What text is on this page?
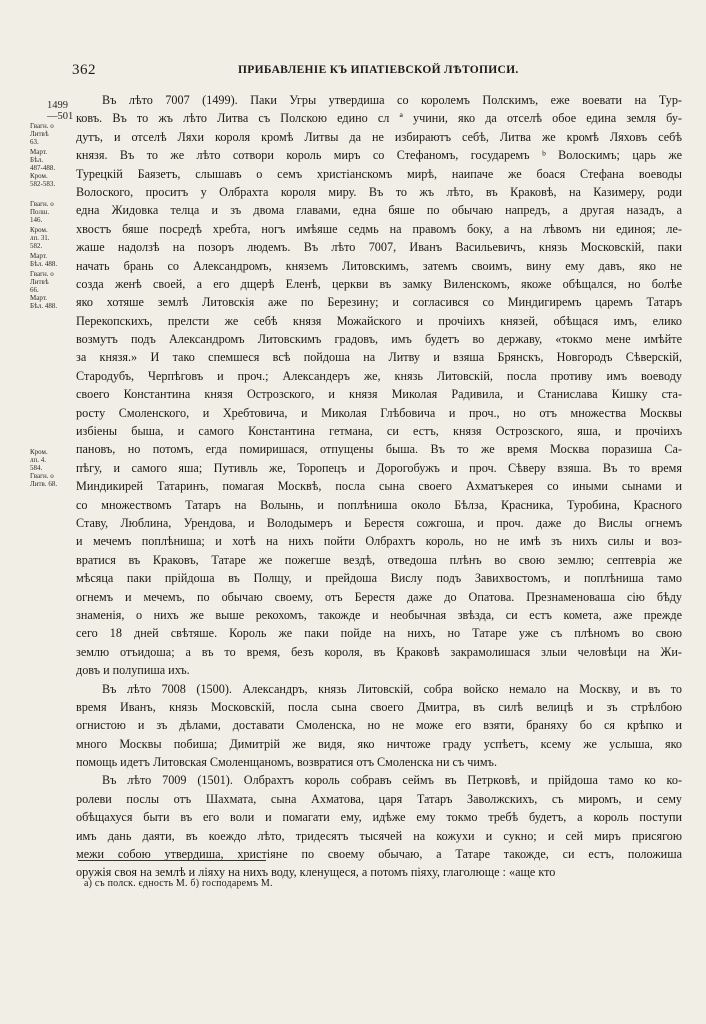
362	ПРИБАВЛЕНІЕ КЪ ИПАТІЕВСКОЙ ЛѢТОПИСИ.
1499
—501
Гвагн. о
Литвѣ
63.
Март.
Бѣл.
487-488.
Кром.
582-583.
Гвагн. о
Полш.
146.
Кром.
лп. 31.
582.
Март.
Бѣл. 488.
Гвагн. о
Литвѣ
66.
Март.
Бѣл. 488.
Кром.
лп. 4.
584.
Гвагн. о
Литв. 68.
Въ лѣто 7007 (1499). Паки Угры утвердиша со королемъ Полскимъ, еже воевати на Тур-
ковъ. Въ то жъ лѣто Литва съ Полскою едино сл ª учини, яко да отселѣ обое едина земля бу-
дутъ, и отселѣ Ляхи короля кромѣ Литвы да не избираютъ себѣ, Литва же кромѣ Ляховъ себѣ
князя. Въ то же лѣто сотвори король миръ со Стефаномъ, государемъ ᵇ Волоскимъ; царь же
Турецкій Баязетъ, слышавъ о семъ христіанскомъ мирѣ, наипаче же боася Стефана воеводы
Волоского, проситъ у Олбрахта короля миру. Въ то жъ лѣто, въ Краковѣ, на Казимеру, роди
една Жидовка телца и зъ двома главами, една бяше по обычаю напредъ, а другая назадъ, а
хвостъ бяше посредѣ хребта, ногъ имѣяше седмь на правомъ боку, а на лѣвомъ ни единоя; ле-
жаше надолзѣ на позоръ людемъ. Въ лѣто 7007, Иванъ Васильевичъ, князь Московскій, паки
начать брань со Александромъ, княземъ Литовскимъ, затемъ своимъ, вину ему давъ, яко не
созда женѣ своей, а его дщерѣ Еленѣ, церкви въ замку Виленскомъ, якоже обѣщался, но болѣе
яко хотяше землѣ Литовскія аже по Березину; и согласився со Миндигиремъ царемъ Татаръ
Перекопскихъ, прелсти же себѣ князя Можайского и прочіихъ князей, обѣщася имъ, елико
возмутъ подъ Александромъ Литовскимъ градовъ, имъ будетъ во державу, «токмо мене имѣйте
за князя.» И тако спемшеся всѣ пойдоша на Литву и взяша Брянскъ, Новгородъ Сѣверскій,
Стародубъ, Черпѣговъ и проч.; Александеръ же, князь Литовскій, посла противу имъ воеводу
своего Константина князя Острозского, и князя Миколая Радивила, и Станислава Кишку ста-
росту Смоленского, и Хребтовича, и Миколая Глѣбовича и проч., но отъ множества Москвы
избіены быша, и самого Константина гетмана, си естъ, князя Острозского, яша, и прочіихъ
пановъ, но потомъ, егда помиришася, отпущены быша. Въ то же время Москва поразиша Са-
пѣгу, и самого яша; Путивль же, Торопецъ и Дорогобужъ и проч. Сѣверу взяша. Въ то время
Миндикирей Татаринъ, помагая Москвѣ, посла сына своего Ахматъкерея со иными сынами и
со множествомъ Татаръ на Волынь, и поплѣниша около Бѣлза, Красника, Туробина, Красного
Ставу, Люблина, Урендова, и Володымеръ и Берестя сожгоша, и проч. даже до Вислы огнемъ
и мечемъ поплѣниша; и хотѣ на нихъ пойти Олбрахтъ король, но не имѣ зъ нихъ силы и воз-
вратися въ Краковъ, Татаре же пожегше вездѣ, отведоша плѣнъ во свою землю; септевріа же
мѣсяца паки прійдоша въ Полщу, и прейдоша Вислу подъ Завихвостомъ, и поплѣниша тамо
огнемъ и мечемъ, по обычаю своему, отъ Берестя даже до Опатова. Презнаменоваша сію бѣду
знаменія, о нихъ же выше рекохомъ, такожде и необычная звѣзда, си естъ комета, аже прежде
сего 18 дней свѣтяше. Король же паки пойде на нихъ, но Татаре уже съ плѣномъ во свою
землю отъидоша; а въ то время, безъ короля, въ Краковѣ закрамолишася злыи человѣци на Жи-
довъ и полупиша ихъ.
Въ лѣто 7008 (1500). Александръ, князь Литовскій, собра войско немало на Москву, и въ то
время Иванъ, князь Московскій, посла сына своего Дмитра, въ силѣ велицѣ и зъ стрѣлбою
огнистою и зъ дѣлами, доставати Смоленска, но не може его взяти, браняху бо ся крѣпко и
много Москвы побиша; Димитрій же видя, яко ничтоже граду успѣетъ, ксему же услыша, яко
помощь идетъ Литовская Смоленщаномъ, возвратися отъ Смоленска ни съ чимъ.
Въ лѣто 7009 (1501). Олбрахтъ король собравъ сеймъ въ Петрковѣ, и прійдоша тамо ко ко-
ролеви послы отъ Шахмата, сына Ахматова, царя Татаръ Заволжскихъ, съ миромъ, и сему
обѣщахуся быти въ его воли и помагати ему, идѣже ему токмо требѣ будетъ, а король поступи
имъ дань даяти, въ коеждо лѣто, тридесятъ тысячей на кожухи и сукно; и сей миръ присягою
межи собою утвердиша, христіяне по своему обычаю, а Татаре такожде, си естъ, положиша
оружія своя на землѣ и ліяху на нихъ воду, кленущеся, а потомъ піяху, глаголюще : «аще кто
а) съ полск. єдность М. б) господаремъ М.
